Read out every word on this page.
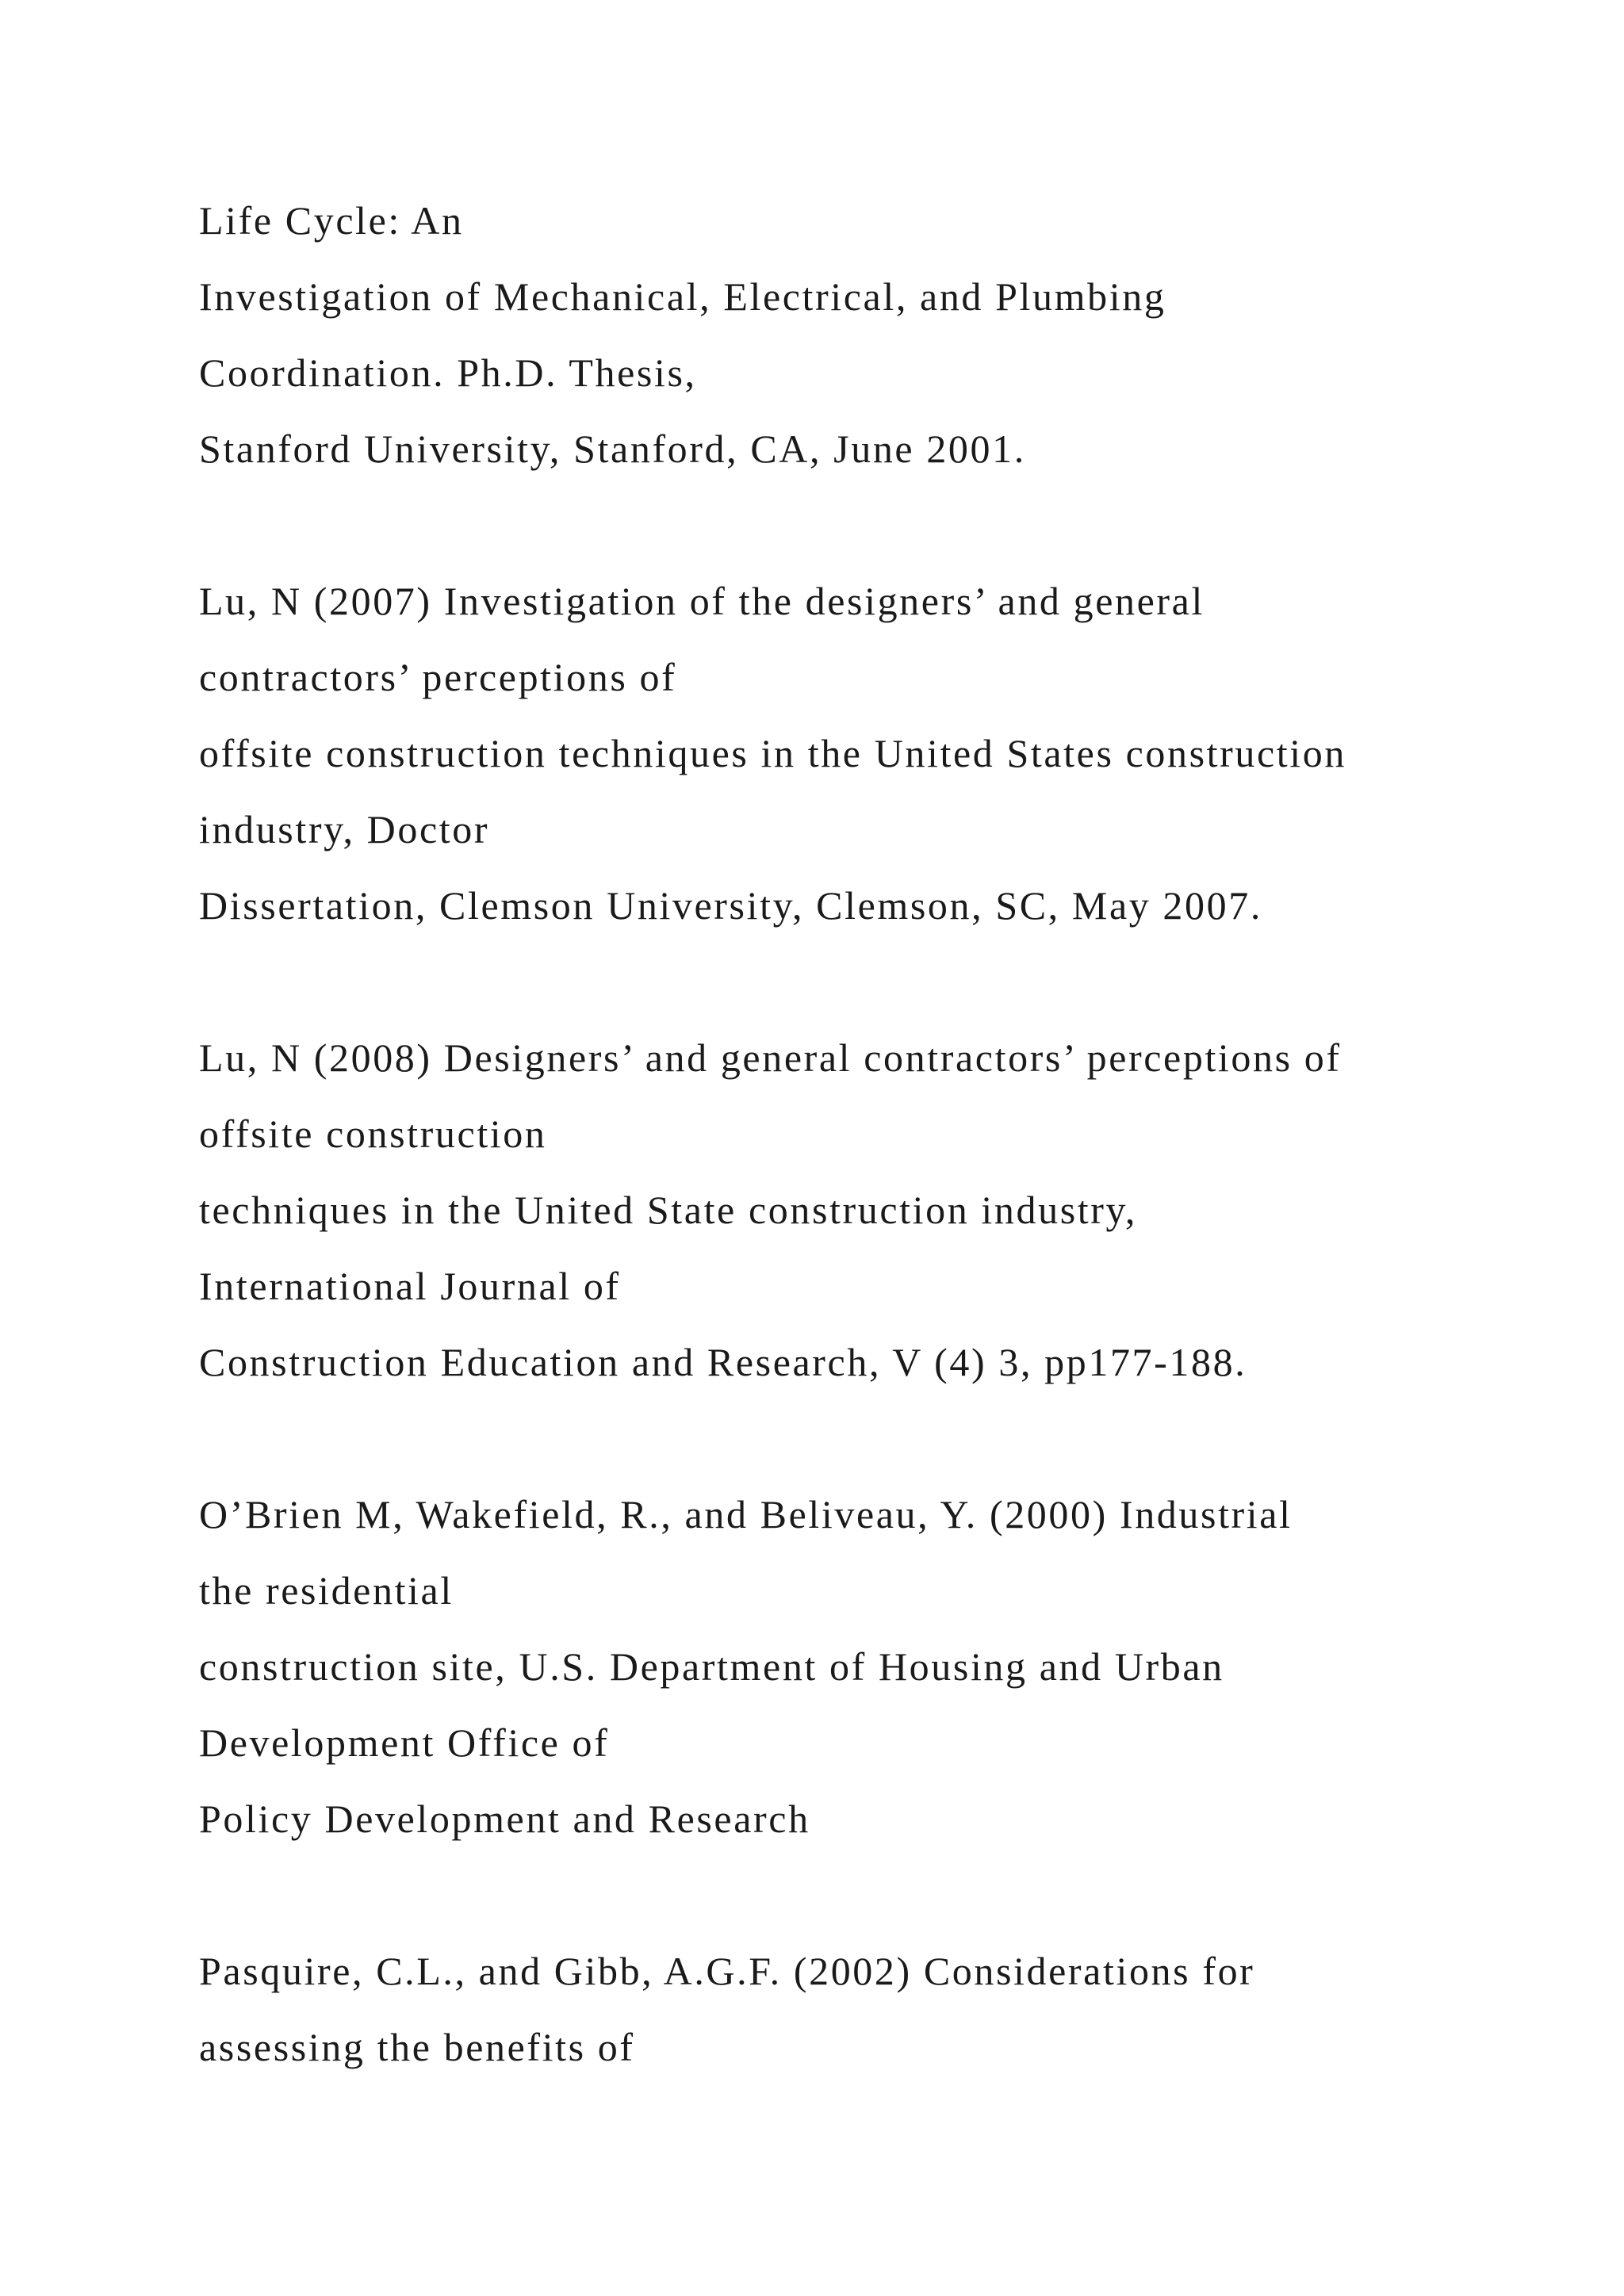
Life Cycle: An
Investigation of Mechanical, Electrical, and Plumbing
Coordination. Ph.D. Thesis,
Stanford University, Stanford, CA, June 2001.
Lu, N (2007) Investigation of the designers’ and general
contractors’ perceptions of
offsite construction techniques in the United States construction
industry, Doctor
Dissertation, Clemson University, Clemson, SC, May 2007.
Lu, N (2008) Designers’ and general contractors’ perceptions of
offsite construction
techniques in the United State construction industry,
International Journal of
Construction Education and Research, V (4) 3, pp177-188.
O’Brien M, Wakefield, R., and Beliveau, Y. (2000) Industrial
the residential
construction site, U.S. Department of Housing and Urban
Development Office of
Policy Development and Research
Pasquire, C.L., and Gibb, A.G.F. (2002) Considerations for
assessing the benefits of
